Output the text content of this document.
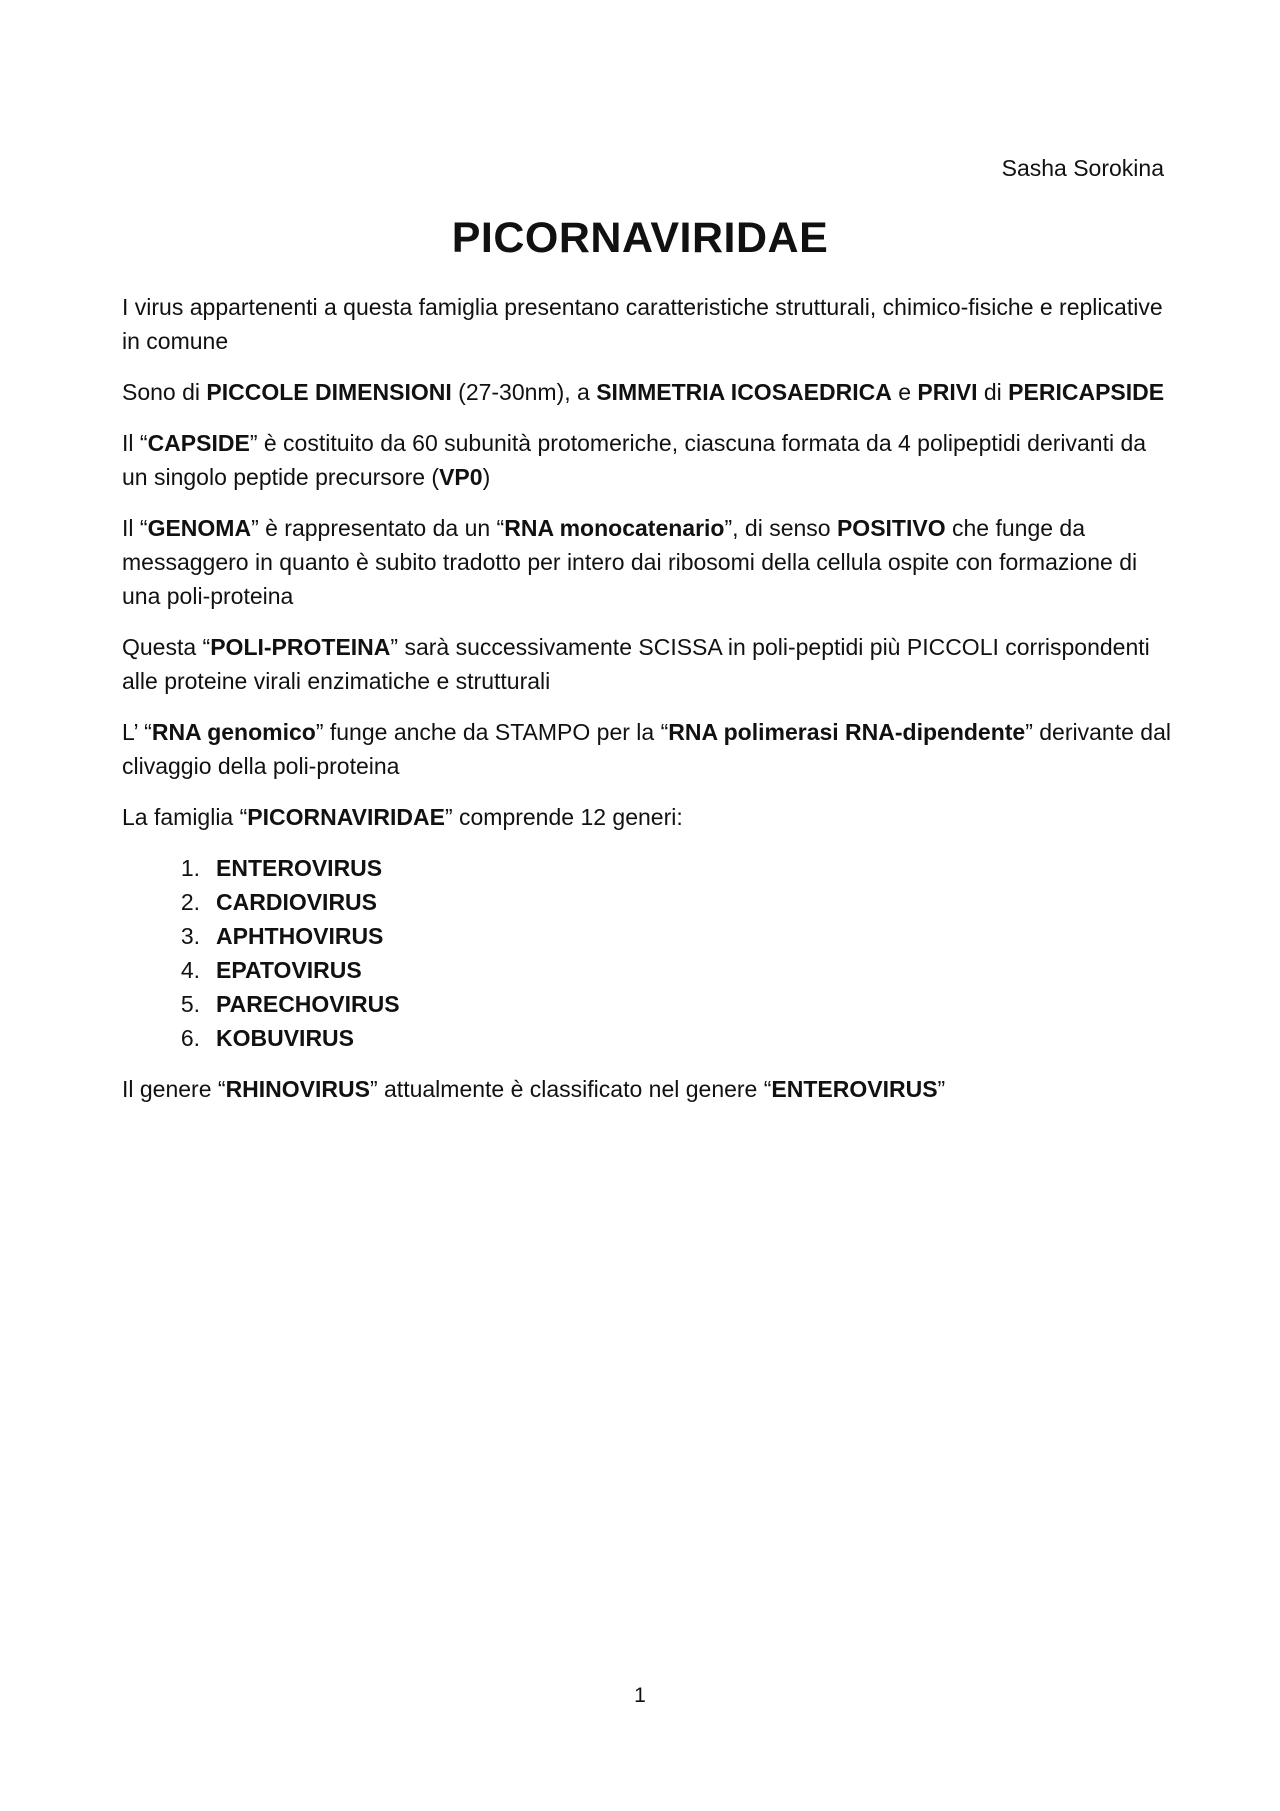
Sasha Sorokina
PICORNAVIRIDAE

I virus appartenenti a questa famiglia presentano caratteristiche strutturali, chimico-fisiche e replicative in comune

Sono di PICCOLE DIMENSIONI (27-30nm), a SIMMETRIA ICOSAEDRICA e PRIVI di PERICAPSIDE

Il “CAPSIDE” è costituito da 60 subunità protomeriche, ciascuna formata da 4 polipeptidi derivanti da un singolo peptide precursore (VP0)

Il “GENOMA” è rappresentato da un “RNA monocatenario”, di senso POSITIVO che funge da messaggero in quanto è subito tradotto per intero dai ribosomi della cellula ospite con formazione di una poli-proteina

Questa “POLI-PROTEINA” sarà successivamente SCISSA in poli-peptidi più PICCOLI corrispondenti alle proteine virali enzimatiche e strutturali

L’ “RNA genomico” funge anche da STAMPO per la “RNA polimerasi RNA-dipendente” derivante dal clivaggio della poli-proteina

La famiglia “PICORNAVIRIDAE” comprende 12 generi:

1. ENTEROVIRUS
2. CARDIOVIRUS
3. APHTHOVIRUS
4. EPATOVIRUS
5. PARECHOVIRUS
6. KOBUVIRUS
Il genere “RHINOVIRUS” attualmente è classificato nel genere “ENTEROVIRUS”
1
